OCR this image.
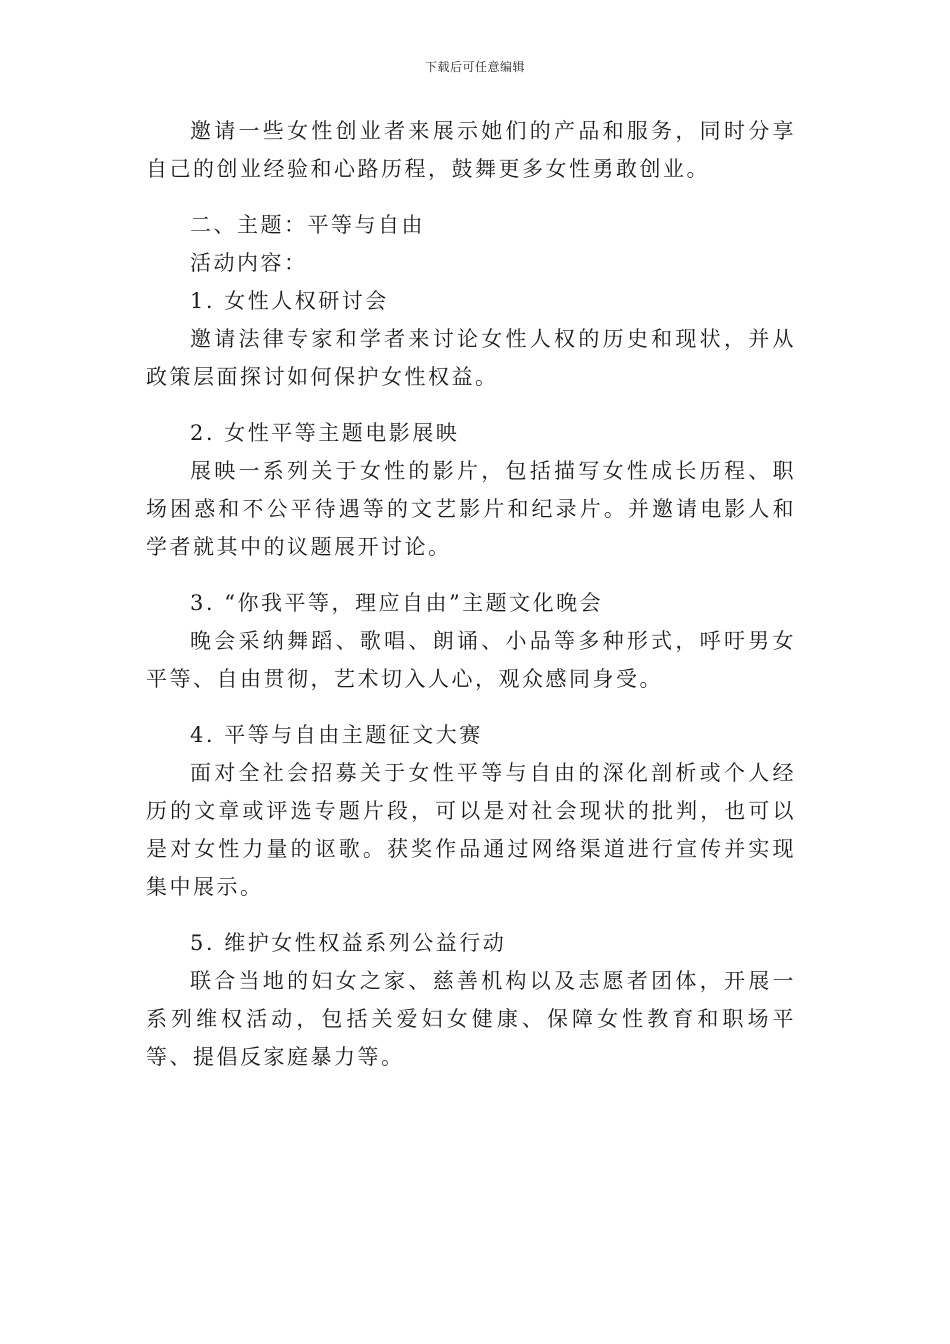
下载后可任意编辑

邀请一些女性创业者来展示她们的产品和服务，同时分享自己的创业经验和心路历程，鼓舞更多女性勇敢创业。

二、主题：平等与自由

活动内容：

1. 女性人权研讨会

邀请法律专家和学者来讨论女性人权的历史和现状，并从政策层面探讨如何保护女性权益。

2. 女性平等主题电影展映

展映一系列关于女性的影片，包括描写女性成长历程、职场困惑和不公平待遇等的文艺影片和纪录片。并邀请电影人和学者就其中的议题展开讨论。

3. “你我平等，理应自由”主题文化晚会

晚会采纳舞蹈、歌唱、朗诵、小品等多种形式，呼吁男女平等、自由贯彻，艺术切入人心，观众感同身受。

4. 平等与自由主题征文大赛

面对全社会招募关于女性平等与自由的深化剖析或个人经历的文章或评选专题片段，可以是对社会现状的批判，也可以是对女性力量的讴歌。获奖作品通过网络渠道进行宣传并实现集中展示。

5. 维护女性权益系列公益行动

联合当地的妇女之家、慈善机构以及志愿者团体，开展一系列维权活动，包括关爱妇女健康、保障女性教育和职场平等、提倡反家庭暴力等。
